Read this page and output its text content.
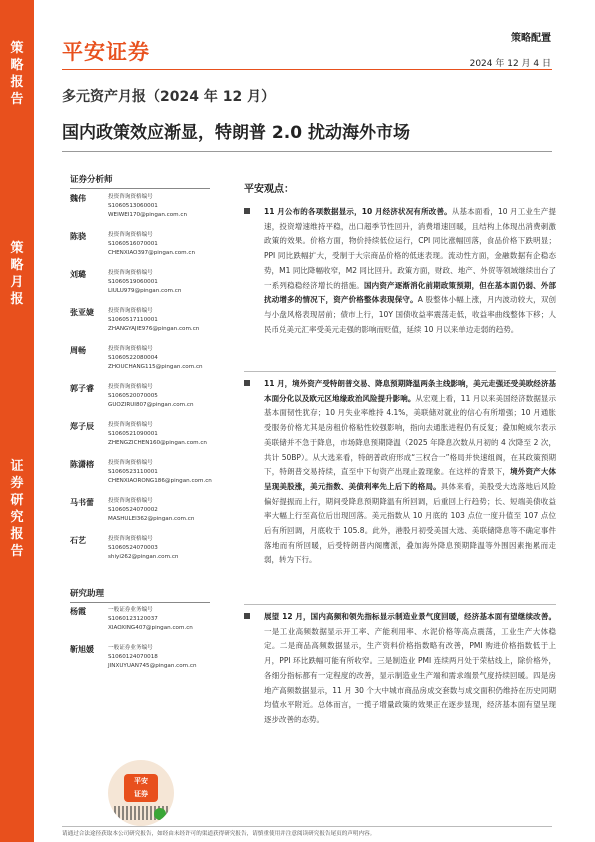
策
略
报
告
策
略
月
报
证
券
研
究
报
告
平安证券
策略配置
2024 年 12 月 4 日
多元资产月报（2024 年 12 月）
国内政策效应渐显，特朗普 2.0 扰动海外市场
证券分析师
魏伟	投资咨询资格编号
S1060513060001
WEIWEI170@pingan.com.cn
陈骁	投资咨询资格编号
S1060516070001
CHENXIAO397@pingan.com.cn
刘璐	投资咨询资格编号
S1060519060001
LIULU979@pingan.com.cn
张亚婕	投资咨询资格编号
S1060517110001
ZHANGYAJIE976@pingan.com.cn
周畅	投资咨询资格编号
S1060522080004
ZHOUCHANG115@pingan.com.cn
郭子睿	投资咨询资格编号
S1060520070005
GUOZIRUI807@pingan.com.cn
郑子辰	投资咨询资格编号
S1060521090001
ZHENGZICHEN160@pingan.com.cn
陈潇榕	投资咨询资格编号
S1060523110001
CHENXIAORONG186@pingan.com.cn
马书蕾	投资咨询资格编号
S1060524070002
MASHULEI362@pingan.com.cn
石艺	投资咨询资格编号
S1060524070003
shiyi262@pingan.com.cn
研究助理
杨霞	一般证券业务编号
S1060123120037
XIAOXING407@pingan.com.cn
靳旭媛	一般证券业务编号
S1060124070018
JINXUYUAN745@pingan.com.cn
平安
证券
平安观点：
11 月公布的各项数据显示，10 月经济状况有所改善。从基本面看，10 月工业生产提速，投资增速维持平稳，出口超季节性回升，消费增速回暖，且结构上体现出消费刺激政策的效果。价格方面，物价持续低位运行，CPI 同比涨幅回落，食品价格下跌明显；PPI 同比跌幅扩大，受制于大宗商品价格的低迷表现。流动性方面，金融数据有企稳态势，M1 同比降幅收窄，M2 同比回升。政策方面，财政、地产、外贸等领域继续出台了一系列稳稳经济增长的措施。国内资产逐渐消化前期政策预期，但在基本面仍弱、外部扰动增多的情况下，资产价格整体表现保守。A 股整体小幅上涨，月内波动较大，双创与小盘风格表现居前；债市上行，10Y 国债收益率震荡走低，收益率曲线整体下移；人民币兑美元汇率受美元走强的影响而贬值，延续 10 月以来单边走弱的趋势。
11 月，境外资产受特朗普交易、降息预期降温两条主线影响，美元走强还受美欧经济基本面分化以及欧元区地缘政治风险提升影响。从宏观上看，11 月以来美国经济数据显示基本面韧性犹存；10 月失业率维持 4.1%，美联储对就业的信心有所增强；10 月通胀受服务价格尤其是房租价格粘性较强影响，指向去通胀进程仍有反复；叠加鲍威尔表示美联储并不急于降息，市场降息预期降温（2025 年降息次数从月初的 4 次降至 2 次，共计 50BP）。从大选来看，特朗普政府形成“三权合一”格局并快速组阁，在其政策预期下，特朗普交易持续，直至中下旬资产出现止盈现象。在这样的背景下，境外资产大体呈现美股涨，美元指数、美债利率先上后下的格局。具体来看，美股受大选落地后风险偏好提振而上行，期间受降息预期降温有所回调，后重回上行趋势；长、短端美债收益率大幅上行至高位后出现回落。美元指数从 10 月底的 103 点位一度升值至 107 点位后有所回调，月底收于 105.8。此外，港股月初受美国大选、美联储降息等不确定事件落地而有所回暖，后受特朗普内阁鹰派，叠加海外降息预期降温等外围因素拖累而走弱，转为下行。
展望 12 月，国内高频和领先指标显示制造业景气度回暖，经济基本面有望继续改善。一是工业高频数据显示开工率、产能利用率、水泥价格等高点震荡，工业生产大体稳定。二是商品高频数据显示，生产资料价格指数略有改善，PMI 购进价格指数低于上月，PPI 环比跌幅可能有所收窄。三是制造业 PMI 连续两月处于荣枯线上，除价格外，各细分指标都有一定程度的改善，显示制造业生产端和需求端景气度持续回暖。四是房地产高频数据显示，11 月 30 个大中城市商品房成交套数与成交面积仍维持在历史同期均值水平附近。总体而言，一揽子增量政策的效果正在逐步显现，经济基本面有望呈现逐步改善的态势。
请通过合法途径获取本公司研究报告，如经由未经许可的渠道获得研究报告，请慎重使用并注意阅读研究报告尾页的声明内容。
